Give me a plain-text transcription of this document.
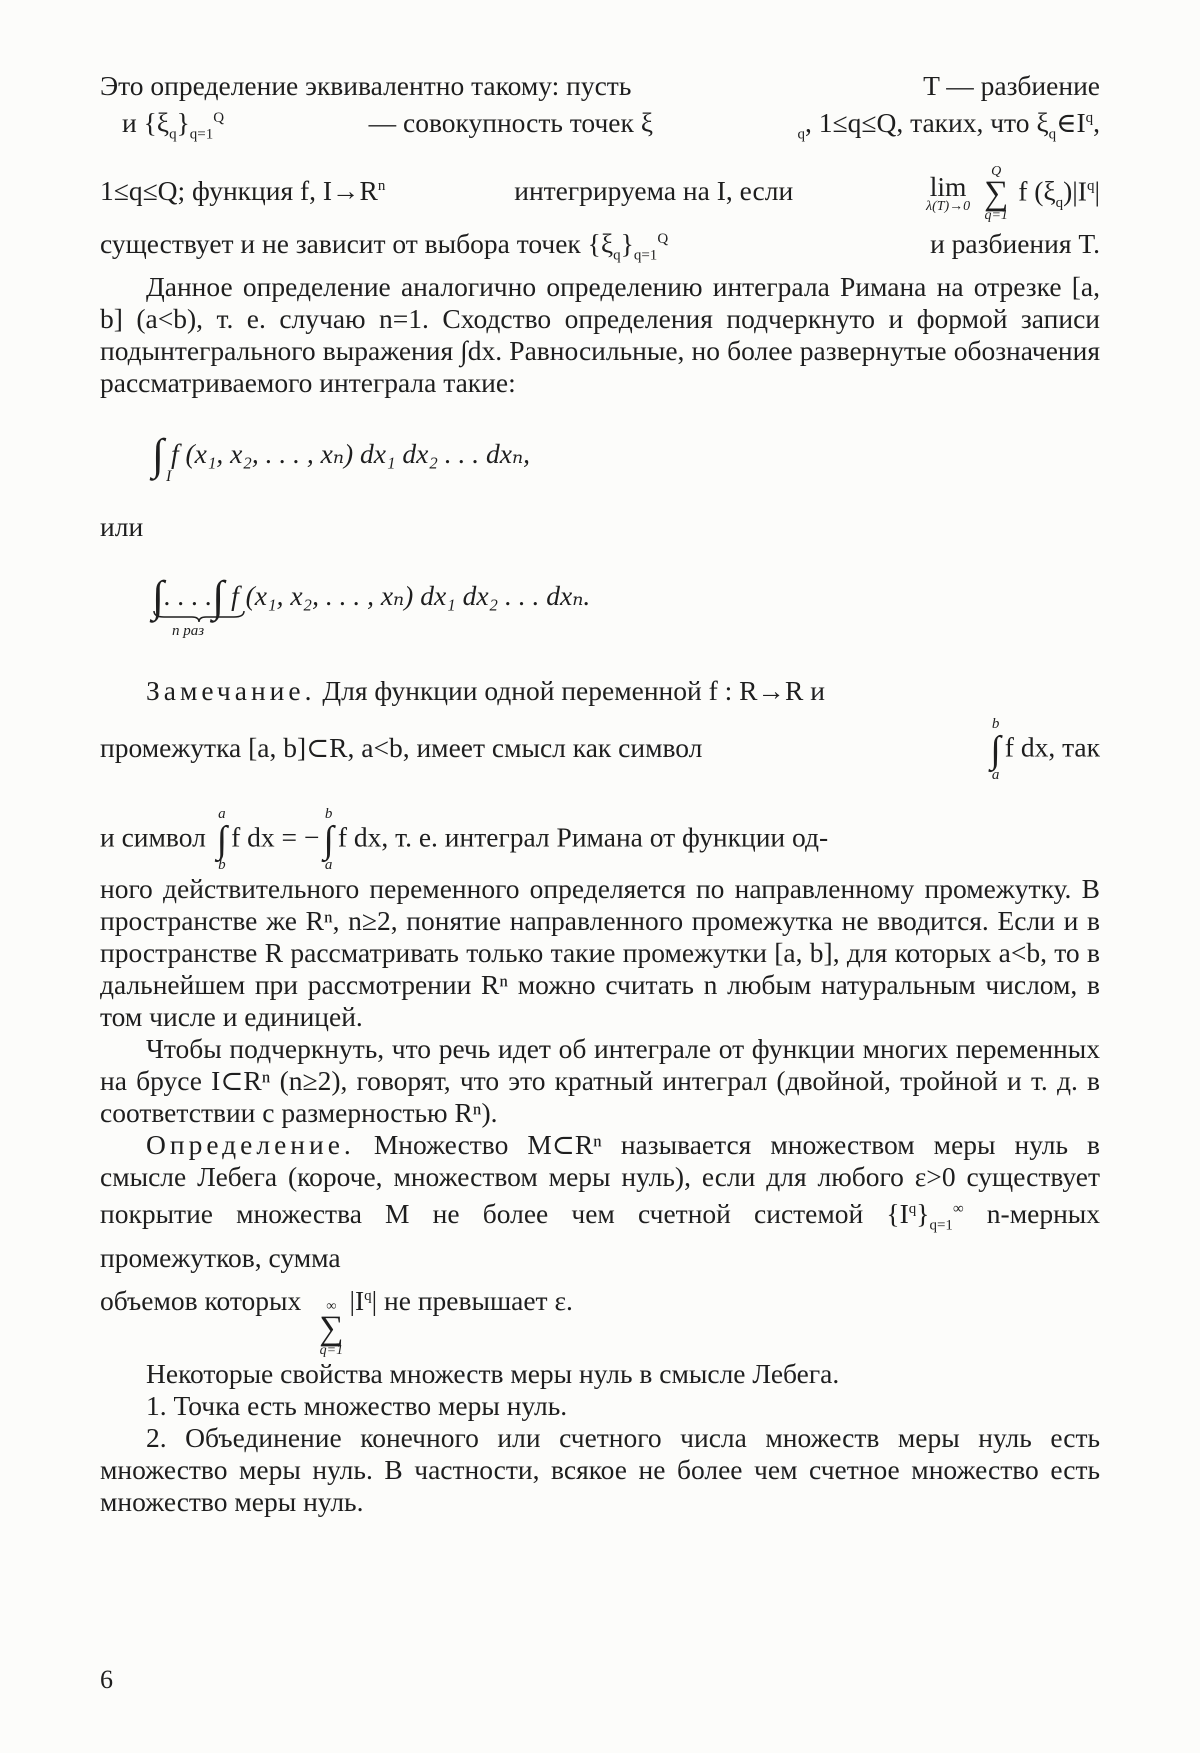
Это определение эквивалентно такому: пусть	T — разбиение
и $\{\xi_q\}_{q=1}^Q$	— совокупность точек ξ	$_q$, 1≤q≤Q, таких, что $\xi_q\in I^q$,
1≤q≤Q; функция f, $I\to R^n$	интегрируема на I, если	lim
λ(T)→0

Q
∑
q=1
f $(\xi_q)|I^q|$
существует и не зависит от выбора точек $\{\xi_q\}_{q=1}^Q$	и разбиения T.

Данное определение аналогично определению интеграла Римана на отрезке [a, b] (a<b), т. е. случаю n=1. Сходство определения подчеркнуто и формой записи подынтегрального выражения ∫dx. Равносильные, но более развернутые обозначения рассматриваемого интеграла такие:

∫ f (x₁, x₂, . . . , xₙ) dx₁ dx₂ . . . dxₙ,
I

или

∫. . . .∫
n раз
f (x₁, x₂, . . . , xₙ) dx₁ dx₂ . . . dxₙ.
Замечание. Для функции одной переменной f : R→R и
промежутка [a, b]⊂R, a<b, имеет смысл как символ
b
∫
a
f dx, так
и символ
a
∫
b
f dx = −
b
∫
a
f dx, т. е. интеграл Римана от функции од-

ного действительного переменного определяется по направленному промежутку. В пространстве же Rⁿ, n≥2, понятие направленного промежутка не вводится. Если и в пространстве R рассматривать только такие промежутки [a, b], для которых a<b, то в дальнейшем при рассмотрении Rⁿ можно считать n любым натуральным числом, в том числе и единицей.

Чтобы подчеркнуть, что речь идет об интеграле от функции многих переменных на брусе I⊂Rⁿ (n≥2), говорят, что это кратный интеграл (двойной, тройной и т. д. в соответствии с размерностью Rⁿ).

Определение. Множество M⊂Rⁿ называется множеством меры нуль в смысле Лебега (короче, множеством меры нуль), если для любого ε>0 существует покрытие множества M не более чем счетной системой $\{I^q\}_{q=1}^\infty$ n-мерных промежутков, сумма

объемов которых ∞
∑
q=1
$|I^q|$ не превышает ε.

Некоторые свойства множеств меры нуль в смысле Лебега.

1. Точка есть множество меры нуль.

2. Объединение конечного или счетного числа множеств меры нуль есть множество меры нуль. В частности, всякое не более чем счетное множество есть множество меры нуль.

6
